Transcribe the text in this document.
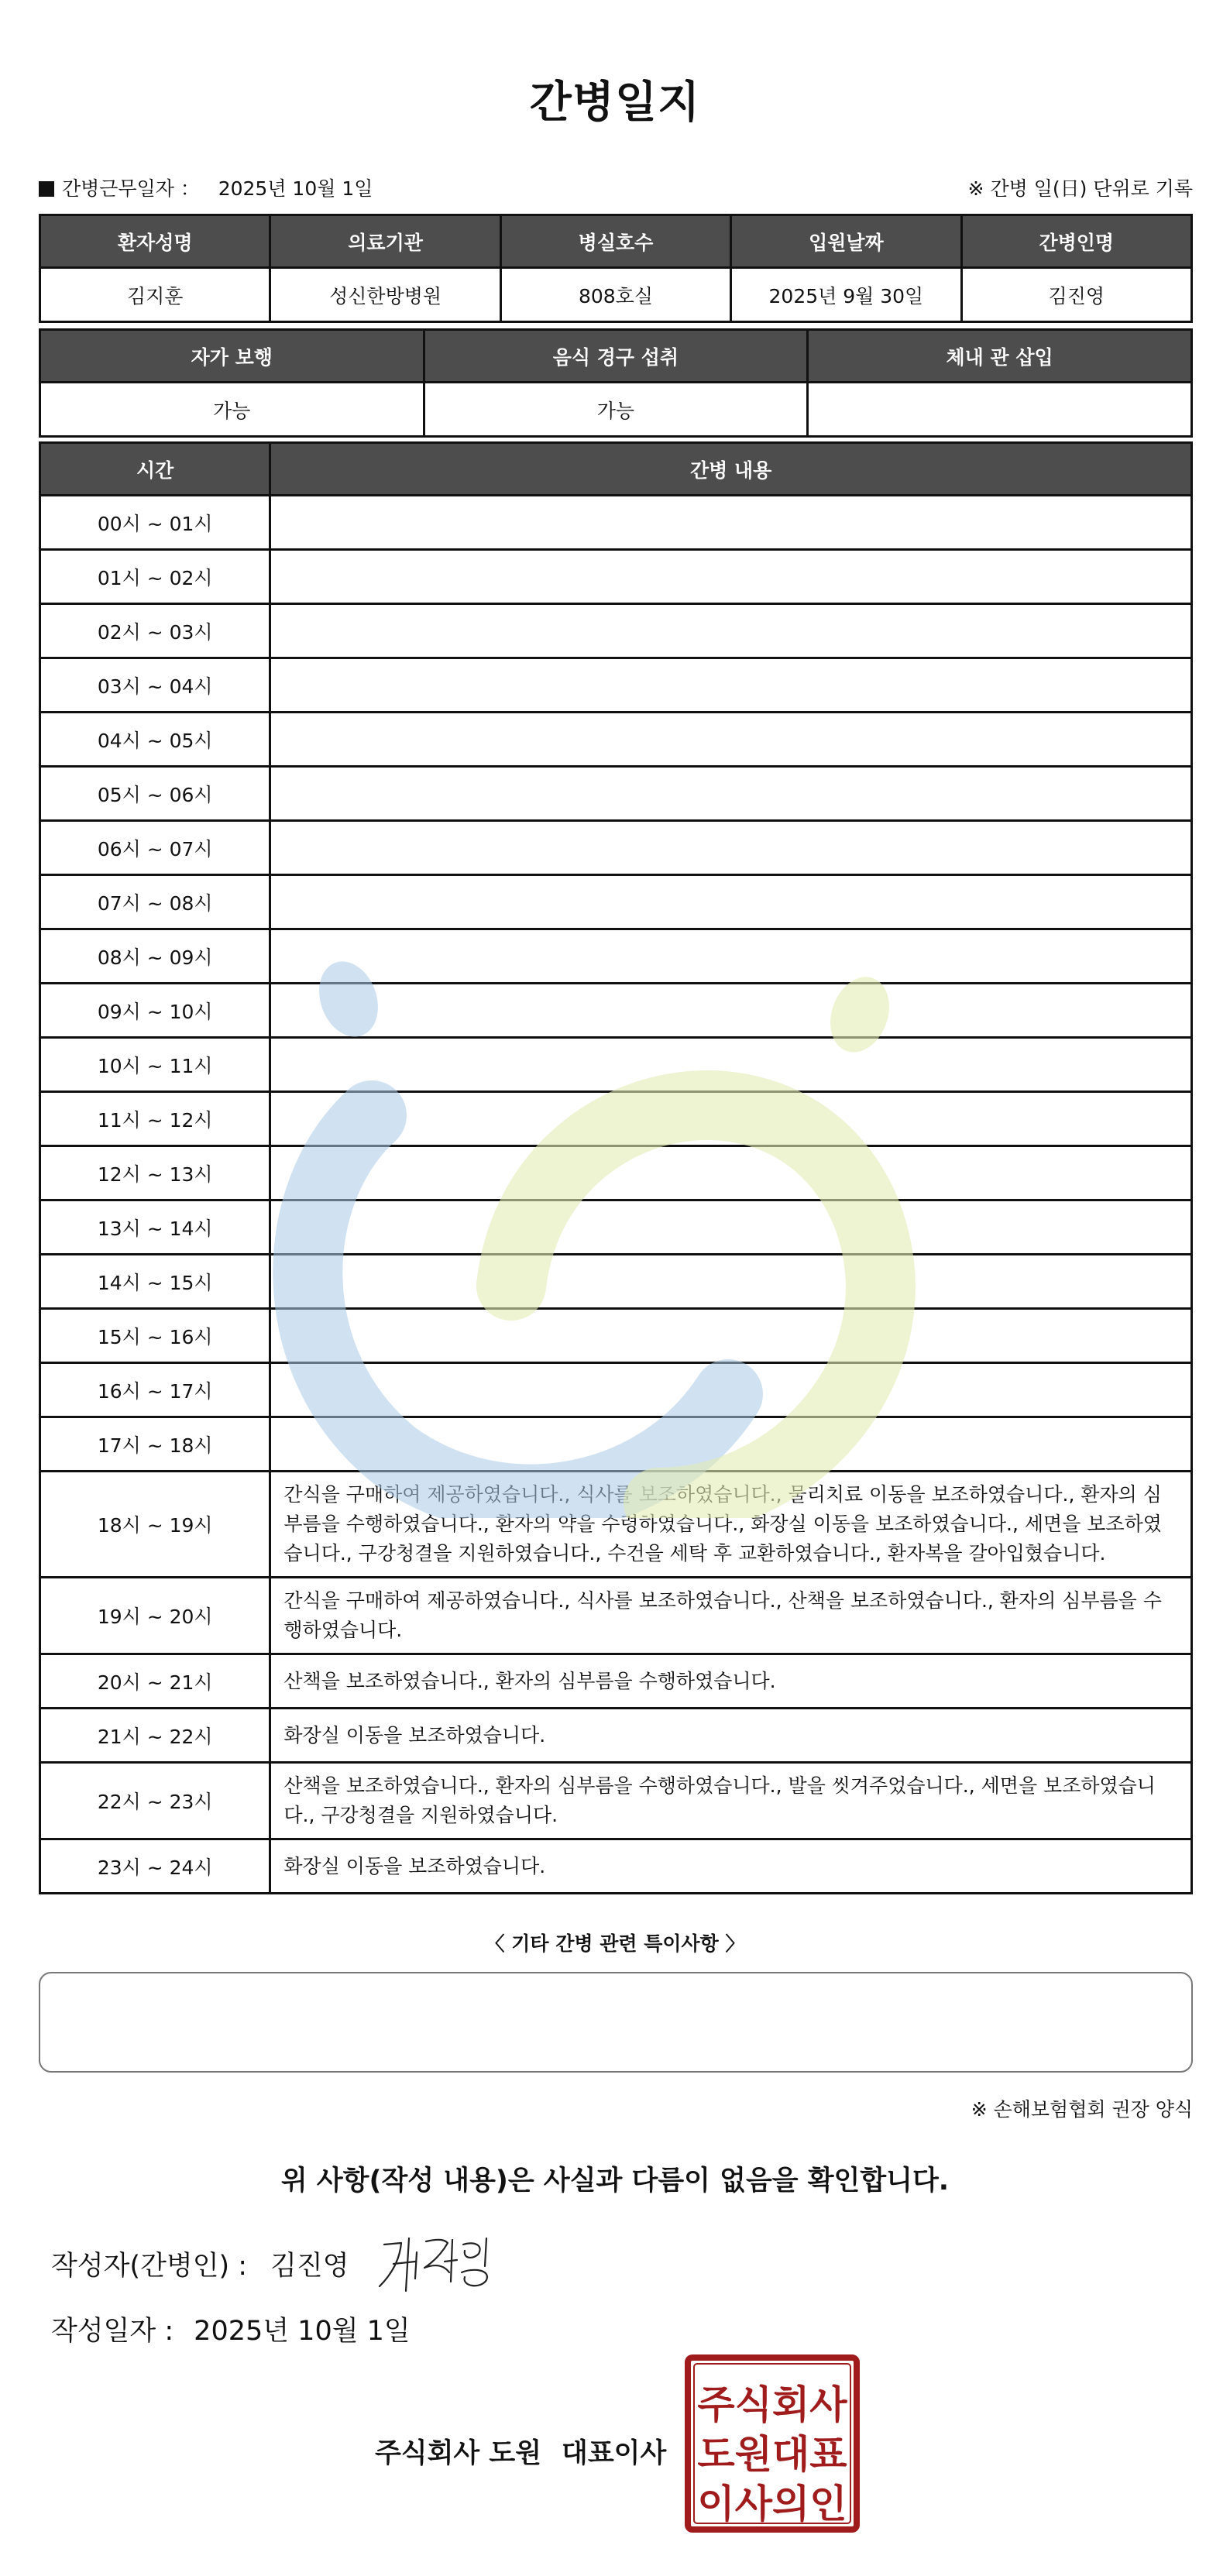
간병일지
간병근무일자 ： 2025년 10월 1일	※ 간병 일(日) 단위로 기록
환자성명	의료기관	병실호수	입원날짜	간병인명
김지훈	성신한방병원	808호실	2025년 9월 30일	김진영
자가 보행	음식 경구 섭취	체내 관 삽입
가능	가능	
시간	간병 내용
00시 ~ 01시	
01시 ~ 02시	
02시 ~ 03시	
03시 ~ 04시	
04시 ~ 05시	
05시 ~ 06시	
06시 ~ 07시	
07시 ~ 08시	
08시 ~ 09시	
09시 ~ 10시	
10시 ~ 11시	
11시 ~ 12시	
12시 ~ 13시	
13시 ~ 14시	
14시 ~ 15시	
15시 ~ 16시	
16시 ~ 17시	
17시 ~ 18시	
18시 ~ 19시	간식을 구매하여 제공하였습니다., 식사를 보조하였습니다., 물리치료 이동을 보조하였습니다., 환자의 심부름을 수행하였습니다., 환자의 약을 수령하였습니다., 화장실 이동을 보조하였습니다., 세면을 보조하였습니다., 구강청결을 지원하였습니다., 수건을 세탁 후 교환하였습니다., 환자복을 갈아입혔습니다.
19시 ~ 20시	간식을 구매하여 제공하였습니다., 식사를 보조하였습니다., 산책을 보조하였습니다., 환자의 심부름을 수행하였습니다.
20시 ~ 21시	산책을 보조하였습니다., 환자의 심부름을 수행하였습니다.
21시 ~ 22시	화장실 이동을 보조하였습니다.
22시 ~ 23시	산책을 보조하였습니다., 환자의 심부름을 수행하였습니다., 발을 씻겨주었습니다., 세면을 보조하였습니다., 구강청결을 지원하였습니다.
23시 ~ 24시	화장실 이동을 보조하였습니다.
〈 기타 간병 관련 특이사항 〉
※ 손해보험협회 권장 양식
위 사항(작성 내용)은 사실과 다름이 없음을 확인합니다.
작성자(간병인) : 김진영
작성일자 : 2025년 10월 1일
주식회사 도원 대표이사
주식회사
도원대표
이사의인
